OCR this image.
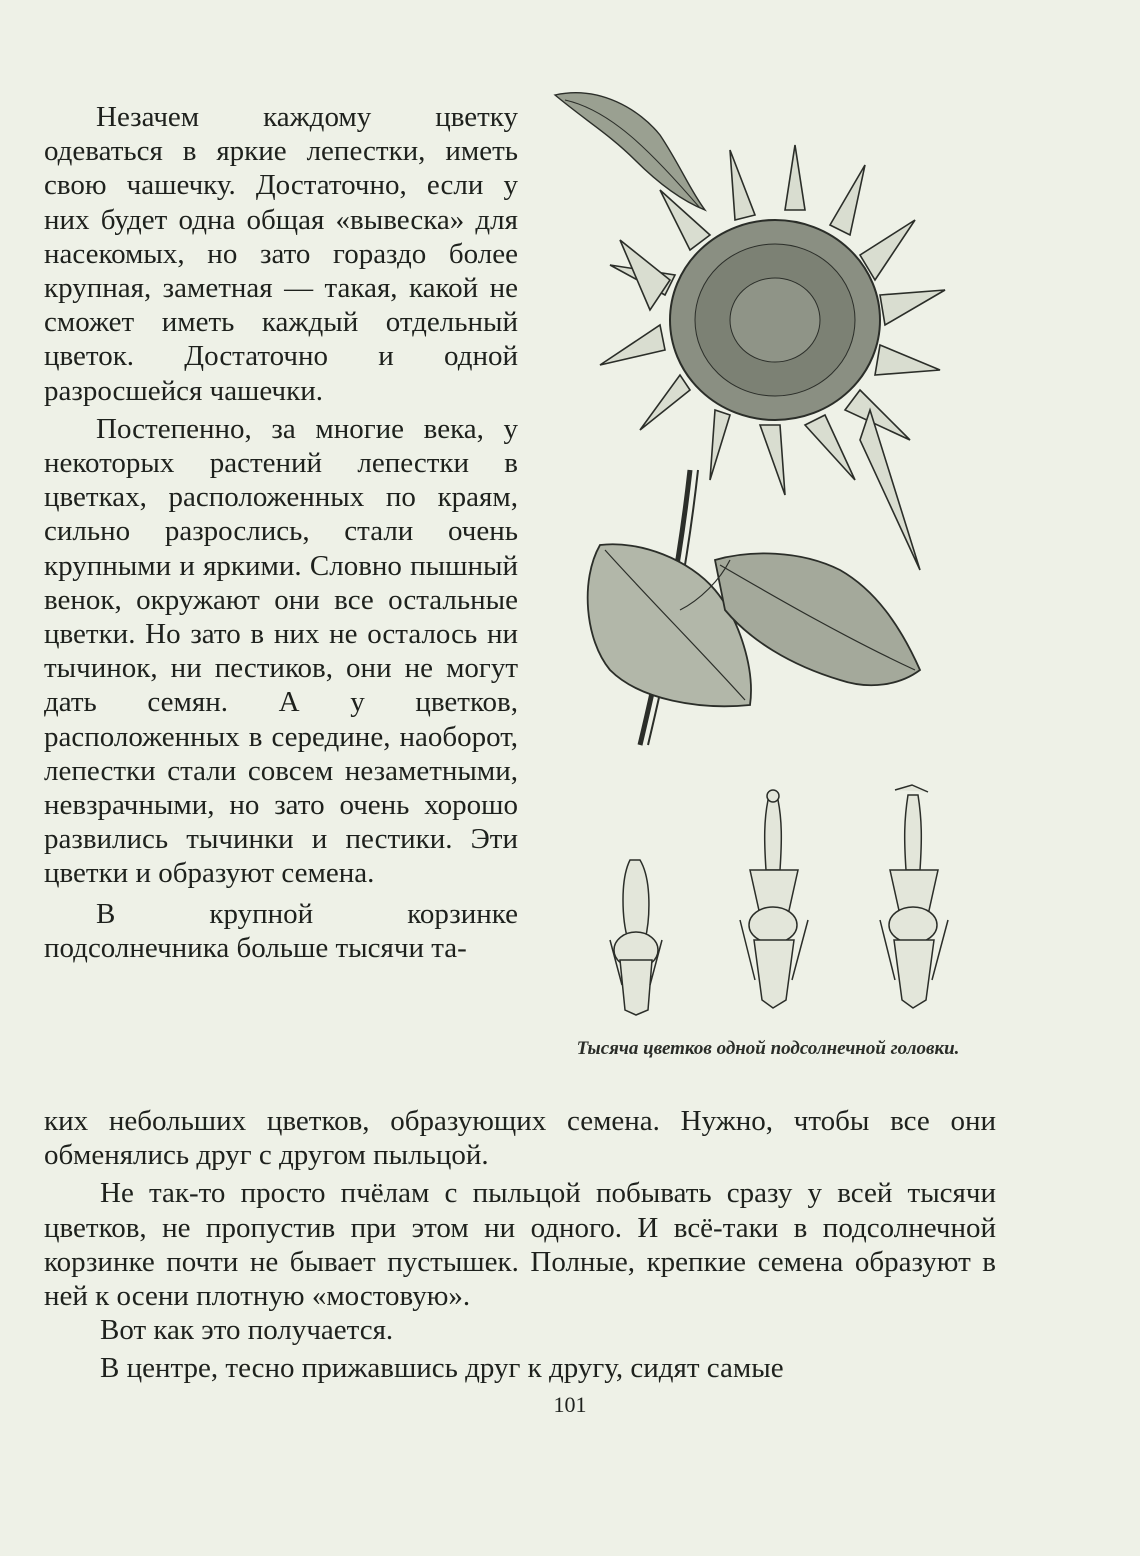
Незачем каждому цветку одеваться в яркие лепестки, иметь свою чашечку. Достаточно, если у них будет одна общая «вывеска» для насекомых, но зато гораздо более крупная, заметная — такая, какой не сможет иметь каждый отдельный цветок. Достаточно и одной разросшейся чашечки.

Постепенно, за многие века, у некоторых растений лепестки в цветках, расположенных по краям, сильно разрослись, стали очень крупными и яркими. Словно пышный венок, окружают они все остальные цветки. Но зато в них не осталось ни тычинок, ни пестиков, они не могут дать семян. А у цветков, расположенных в середине, наоборот, лепестки стали совсем незаметными, невзрачными, но зато очень хорошо развились тычинки и пестики. Эти цветки и образуют семена.

В крупной корзинке подсолнечника больше тысячи та-

Тысяча цветков одной подсолнечной головки.

ких небольших цветков, образующих семена. Нужно, чтобы все они обменялись друг с другом пыльцой.

Не так-то просто пчёлам с пыльцой побывать сразу у всей тысячи цветков, не пропустив при этом ни одного. И всё-таки в подсолнечной корзинке почти не бывает пустышек. Полные, крепкие семена образуют в ней к осени плотную «мостовую».

Вот как это получается.

В центре, тесно прижавшись друг к другу, сидят самые

101
